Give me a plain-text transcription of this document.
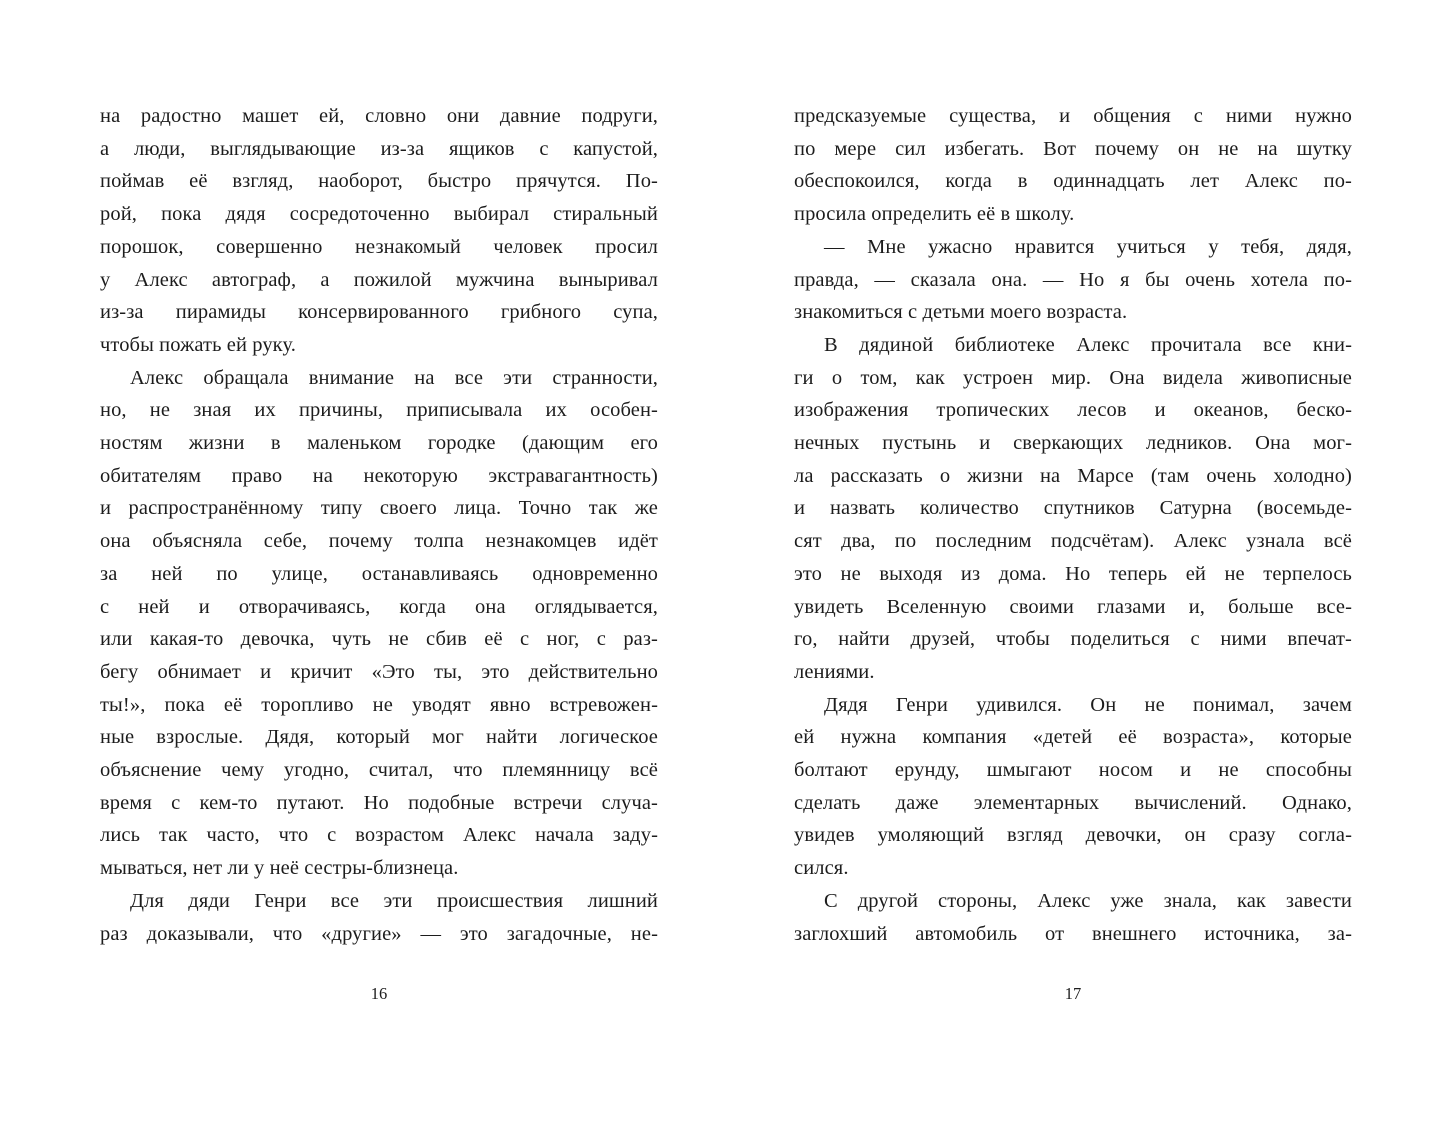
на радостно машет ей, словно они давние подруги,
а люди, выглядывающие из-за ящиков с капустой,
поймав её взгляд, наоборот, быстро прячутся. По-
рой, пока дядя сосредоточенно выбирал стиральный
порошок, совершенно незнакомый человек просил
у Алекс автограф, а пожилой мужчина выныривал
из-за пирамиды консервированного грибного супа,
чтобы пожать ей руку.
Алекс обращала внимание на все эти странности,
но, не зная их причины, приписывала их особен-
ностям жизни в маленьком городке (дающим его
обитателям право на некоторую экстравагантность)
и распространённому типу своего лица. Точно так же
она объясняла себе, почему толпа незнакомцев идёт
за ней по улице, останавливаясь одновременно
с ней и отворачиваясь, когда она оглядывается,
или какая-то девочка, чуть не сбив её с ног, с раз-
бегу обнимает и кричит «Это ты, это действительно
ты!», пока её торопливо не уводят явно встревожен-
ные взрослые. Дядя, который мог найти логическое
объяснение чему угодно, считал, что племянницу всё
время с кем-то путают. Но подобные встречи случа-
лись так часто, что с возрастом Алекс начала заду-
мываться, нет ли у неё сестры-близнеца.
Для дяди Генри все эти происшествия лишний
раз доказывали, что «другие» — это загадочные, не-
предсказуемые существа, и общения с ними нужно
по мере сил избегать. Вот почему он не на шутку
обеспокоился, когда в одиннадцать лет Алекс по-
просила определить её в школу.
— Мне ужасно нравится учиться у тебя, дядя,
правда, — сказала она. — Но я бы очень хотела по-
знакомиться с детьми моего возраста.
В дядиной библиотеке Алекс прочитала все кни-
ги о том, как устроен мир. Она видела живописные
изображения тропических лесов и океанов, беско-
нечных пустынь и сверкающих ледников. Она мог-
ла рассказать о жизни на Марсе (там очень холодно)
и назвать количество спутников Сатурна (восемьде-
сят два, по последним подсчётам). Алекс узнала всё
это не выходя из дома. Но теперь ей не терпелось
увидеть Вселенную своими глазами и, больше все-
го, найти друзей, чтобы поделиться с ними впечат-
лениями.
Дядя Генри удивился. Он не понимал, зачем
ей нужна компания «детей её возраста», которые
болтают ерунду, шмыгают носом и не способны
сделать даже элементарных вычислений. Однако,
увидев умоляющий взгляд девочки, он сразу согла-
сился.
С другой стороны, Алекс уже знала, как завести
заглохший автомобиль от внешнего источника, за-
16	17
